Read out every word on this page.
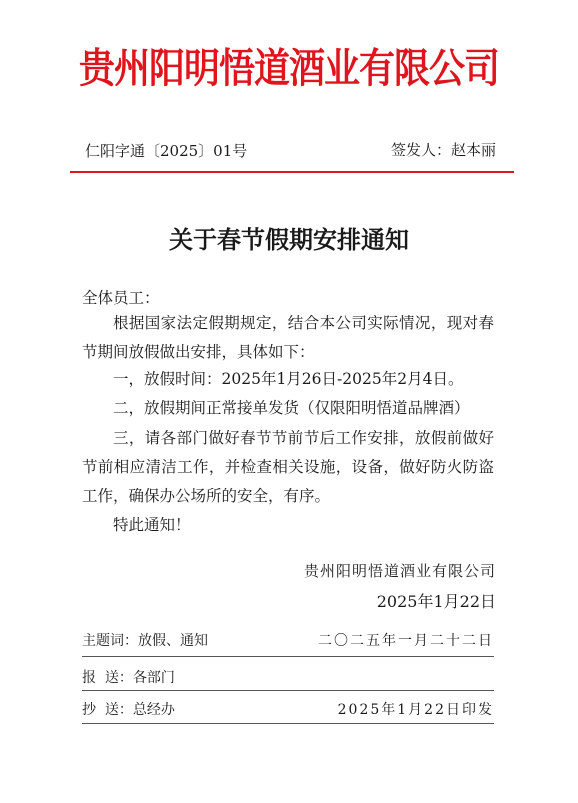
贵州阳明悟道酒业有限公司
仁阳字通〔2025〕01号	签发人：赵本丽
关于春节假期安排通知
全体员工：
根据国家法定假期规定，结合本公司实际情况，现对春节期间放假做出安排，具体如下：
一，放假时间：2025年1月26日-2025年2月4日。
二，放假期间正常接单发货（仅限阳明悟道品牌酒）
三，请各部门做好春节节前节后工作安排，放假前做好节前相应清洁工作，并检查相关设施，设备，做好防火防盗工作，确保办公场所的安全，有序。
特此通知！
贵州阳明悟道酒业有限公司
2025年1月22日
主题词：放假、通知	二〇二五年一月二十二日
报  送：各部门
抄  送：总经办	2025年1月22日印发
